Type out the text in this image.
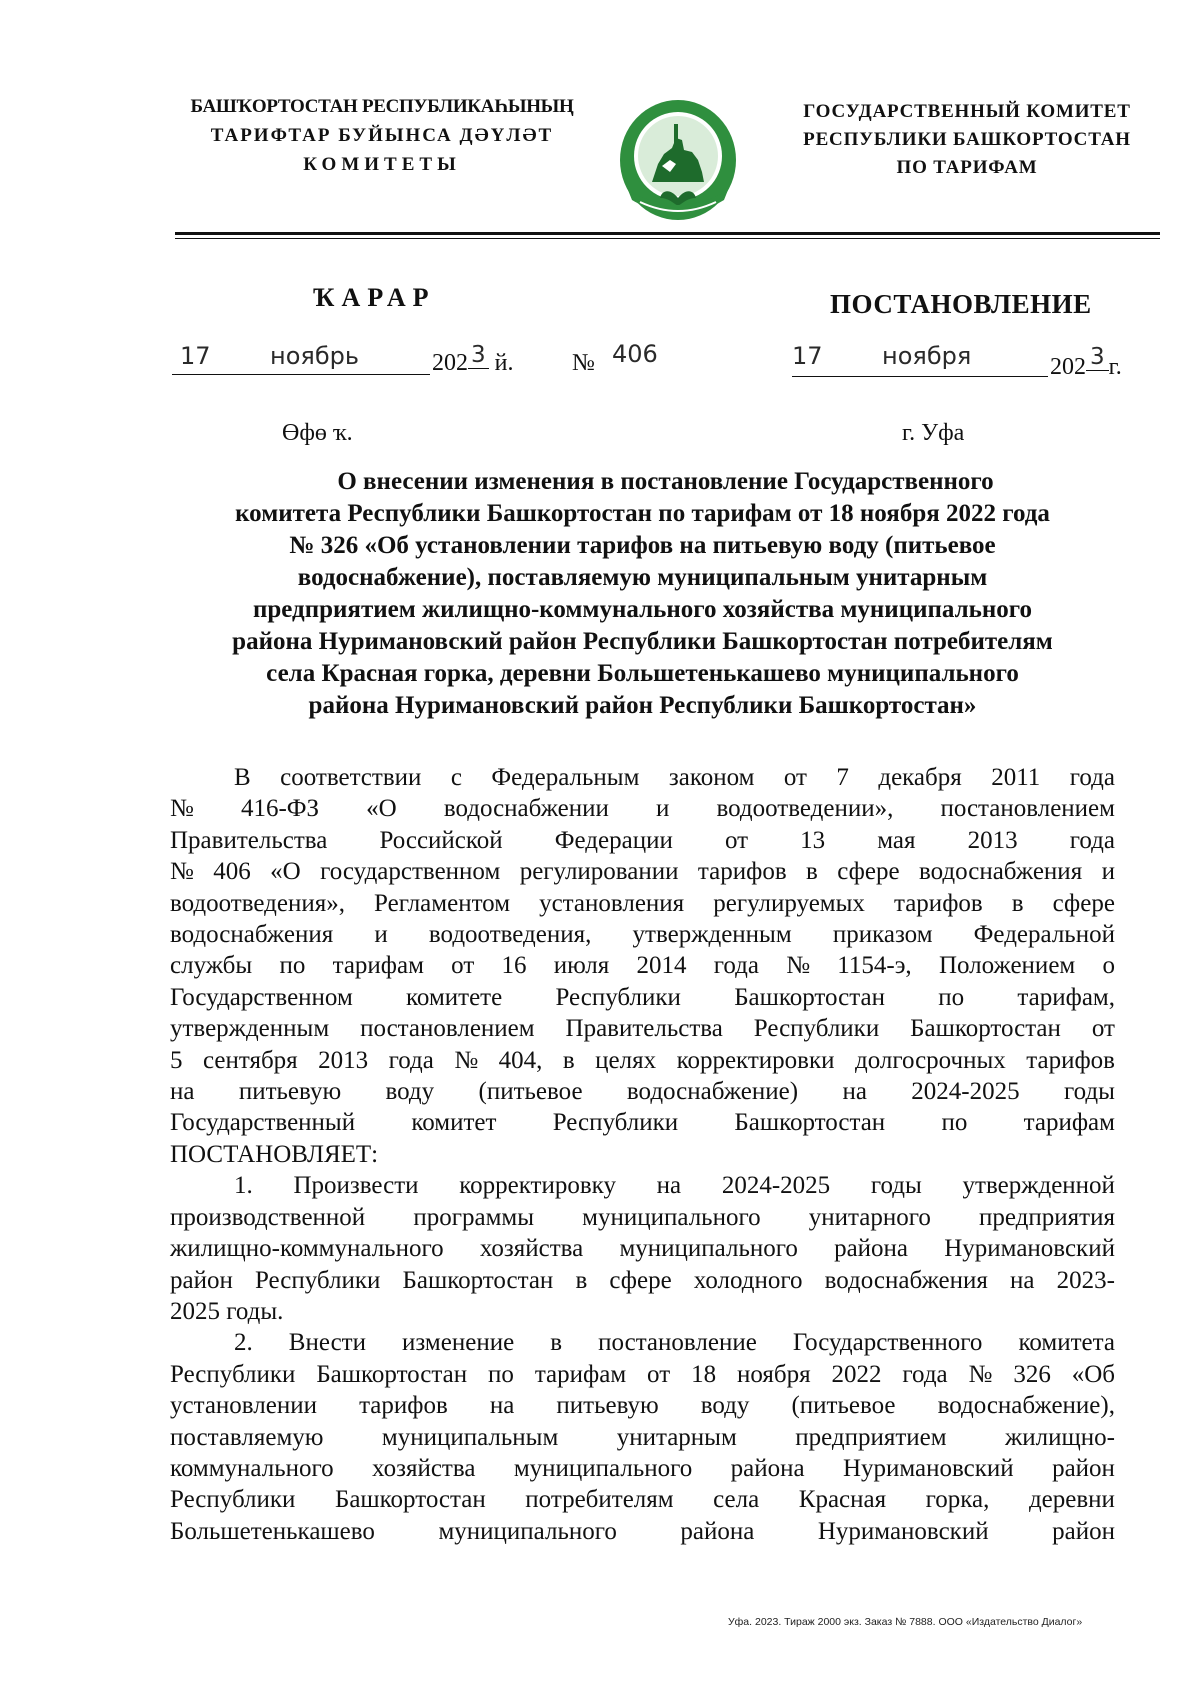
БАШҠОРТОСТАН РЕСПУБЛИКАҺЫНЫҢ
ТАРИФТАР БУЙЫНСА ДӘҮЛӘТ
КОМИТЕТЫ
ГОСУДАРСТВЕННЫЙ КОМИТЕТ
РЕСПУБЛИКИ БАШКОРТОСТАН
ПО ТАРИФАМ
ҠАРАР	ПОСТАНОВЛЕНИЕ
17 ноябрь	202 3 й. № 406	17 ноября	202 3 г.
Өфө ҡ.	г. Уфа
О внесении изменения в постановление Государственного
комитета Республики Башкортостан по тарифам от 18 ноября 2022 года
№ 326 «Об установлении тарифов на питьевую воду (питьевое
водоснабжение), поставляемую муниципальным унитарным
предприятием жилищно-коммунального хозяйства муниципального
района Нуримановский район Республики Башкортостан потребителям
села Красная горка, деревни Большетенькашево муниципального
района Нуримановский район Республики Башкортостан»
В соответствии с Федеральным законом от 7 декабря 2011 года
№ 416-ФЗ «О водоснабжении и водоотведении», постановлением
Правительства Российской Федерации от 13 мая 2013 года
№ 406 «О государственном регулировании тарифов в сфере водоснабжения и
водоотведения», Регламентом установления регулируемых тарифов в сфере
водоснабжения и водоотведения, утвержденным приказом Федеральной
службы по тарифам от 16 июля 2014 года № 1154-э, Положением о
Государственном комитете Республики Башкортостан по тарифам,
утвержденным постановлением Правительства Республики Башкортостан от
5 сентября 2013 года № 404, в целях корректировки долгосрочных тарифов
на питьевую воду (питьевое водоснабжение) на 2024-2025 годы
Государственный комитет Республики Башкортостан по тарифам
ПОСТАНОВЛЯЕТ:
1. Произвести корректировку на 2024-2025 годы утвержденной
производственной программы муниципального унитарного предприятия
жилищно-коммунального хозяйства муниципального района Нуримановский
район Республики Башкортостан в сфере холодного водоснабжения на 2023-
2025 годы.
2. Внести изменение в постановление Государственного комитета
Республики Башкортостан по тарифам от 18 ноября 2022 года № 326 «Об
установлении тарифов на питьевую воду (питьевое водоснабжение),
поставляемую муниципальным унитарным предприятием жилищно-
коммунального хозяйства муниципального района Нуримановский район
Республики Башкортостан потребителям села Красная горка, деревни
Большетенькашево	муниципального	района	Нуримановский	район
Уфа. 2023. Тираж 2000 экз. Заказ № 7888. ООО «Издательство Диалог»
